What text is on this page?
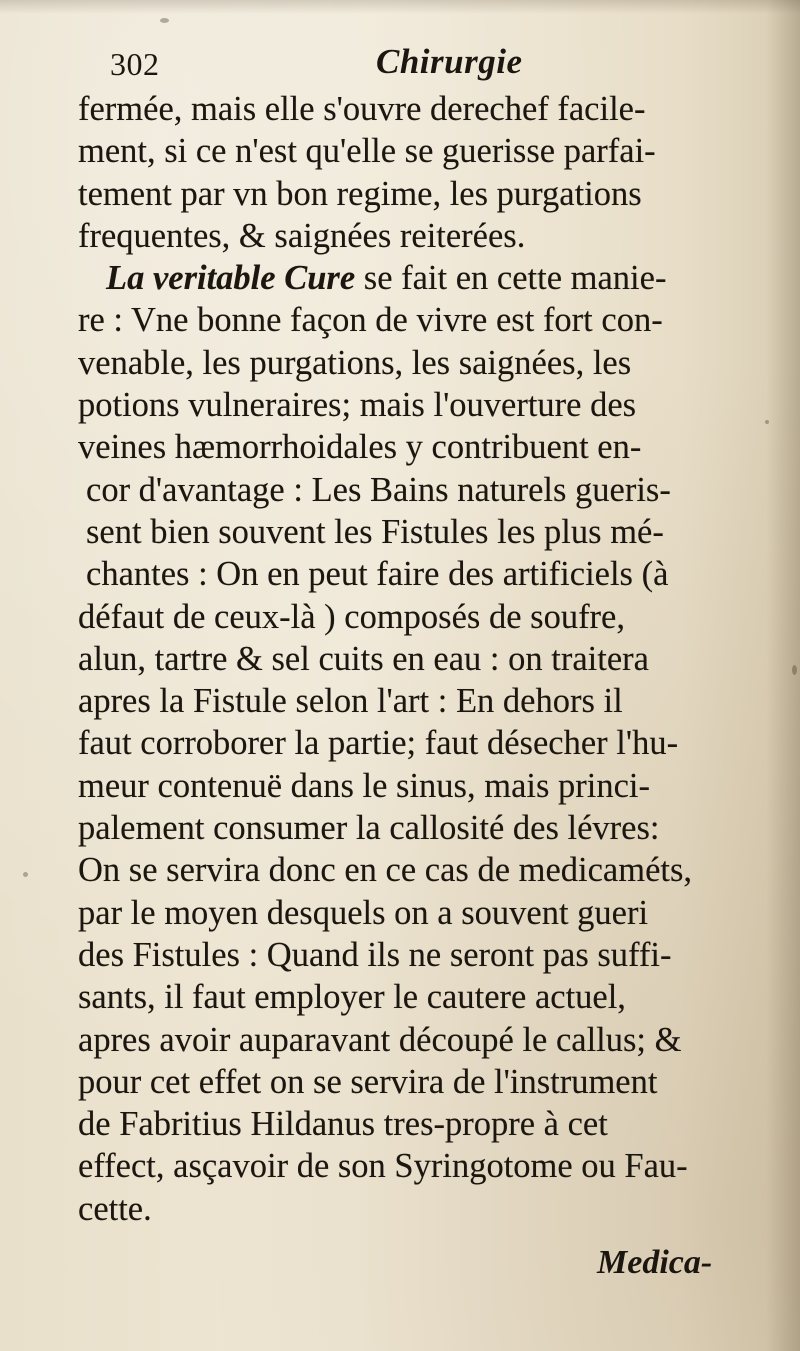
302	Chirurgie
fermée, mais elle s'ouvre derechef facile-
ment, si ce n'est qu'elle se guerisse parfai-
tement par vn bon regime, les purgations
frequentes, & saignées reiterées.
La veritable Cure se fait en cette manie-
re : Vne bonne façon de vivre est fort con-
venable, les purgations, les saignées, les
potions vulneraires; mais l'ouverture des
veines hæmorrhoidales y contribuent en-
cor d'avantage : Les Bains naturels gueris-
sent bien souvent les Fistules les plus mé-
chantes : On en peut faire des artificiels (à
défaut de ceux-là ) composés de soufre,
alun, tartre & sel cuits en eau : on traitera
apres la Fistule selon l'art : En dehors il
faut corroborer la partie; faut désecher l'hu-
meur contenuë dans le sinus, mais princi-
palement consumer la callosité des lévres:
On se servira donc en ce cas de medicaméts,
par le moyen desquels on a souvent gueri
des Fistules : Quand ils ne seront pas suffi-
sants, il faut employer le cautere actuel,
apres avoir auparavant découpé le callus; &
pour cet effet on se servira de l'instrument
de Fabritius Hildanus tres-propre à cet
effect, asçavoir de son Syringotome ou Fau-
cette.
Medica-
